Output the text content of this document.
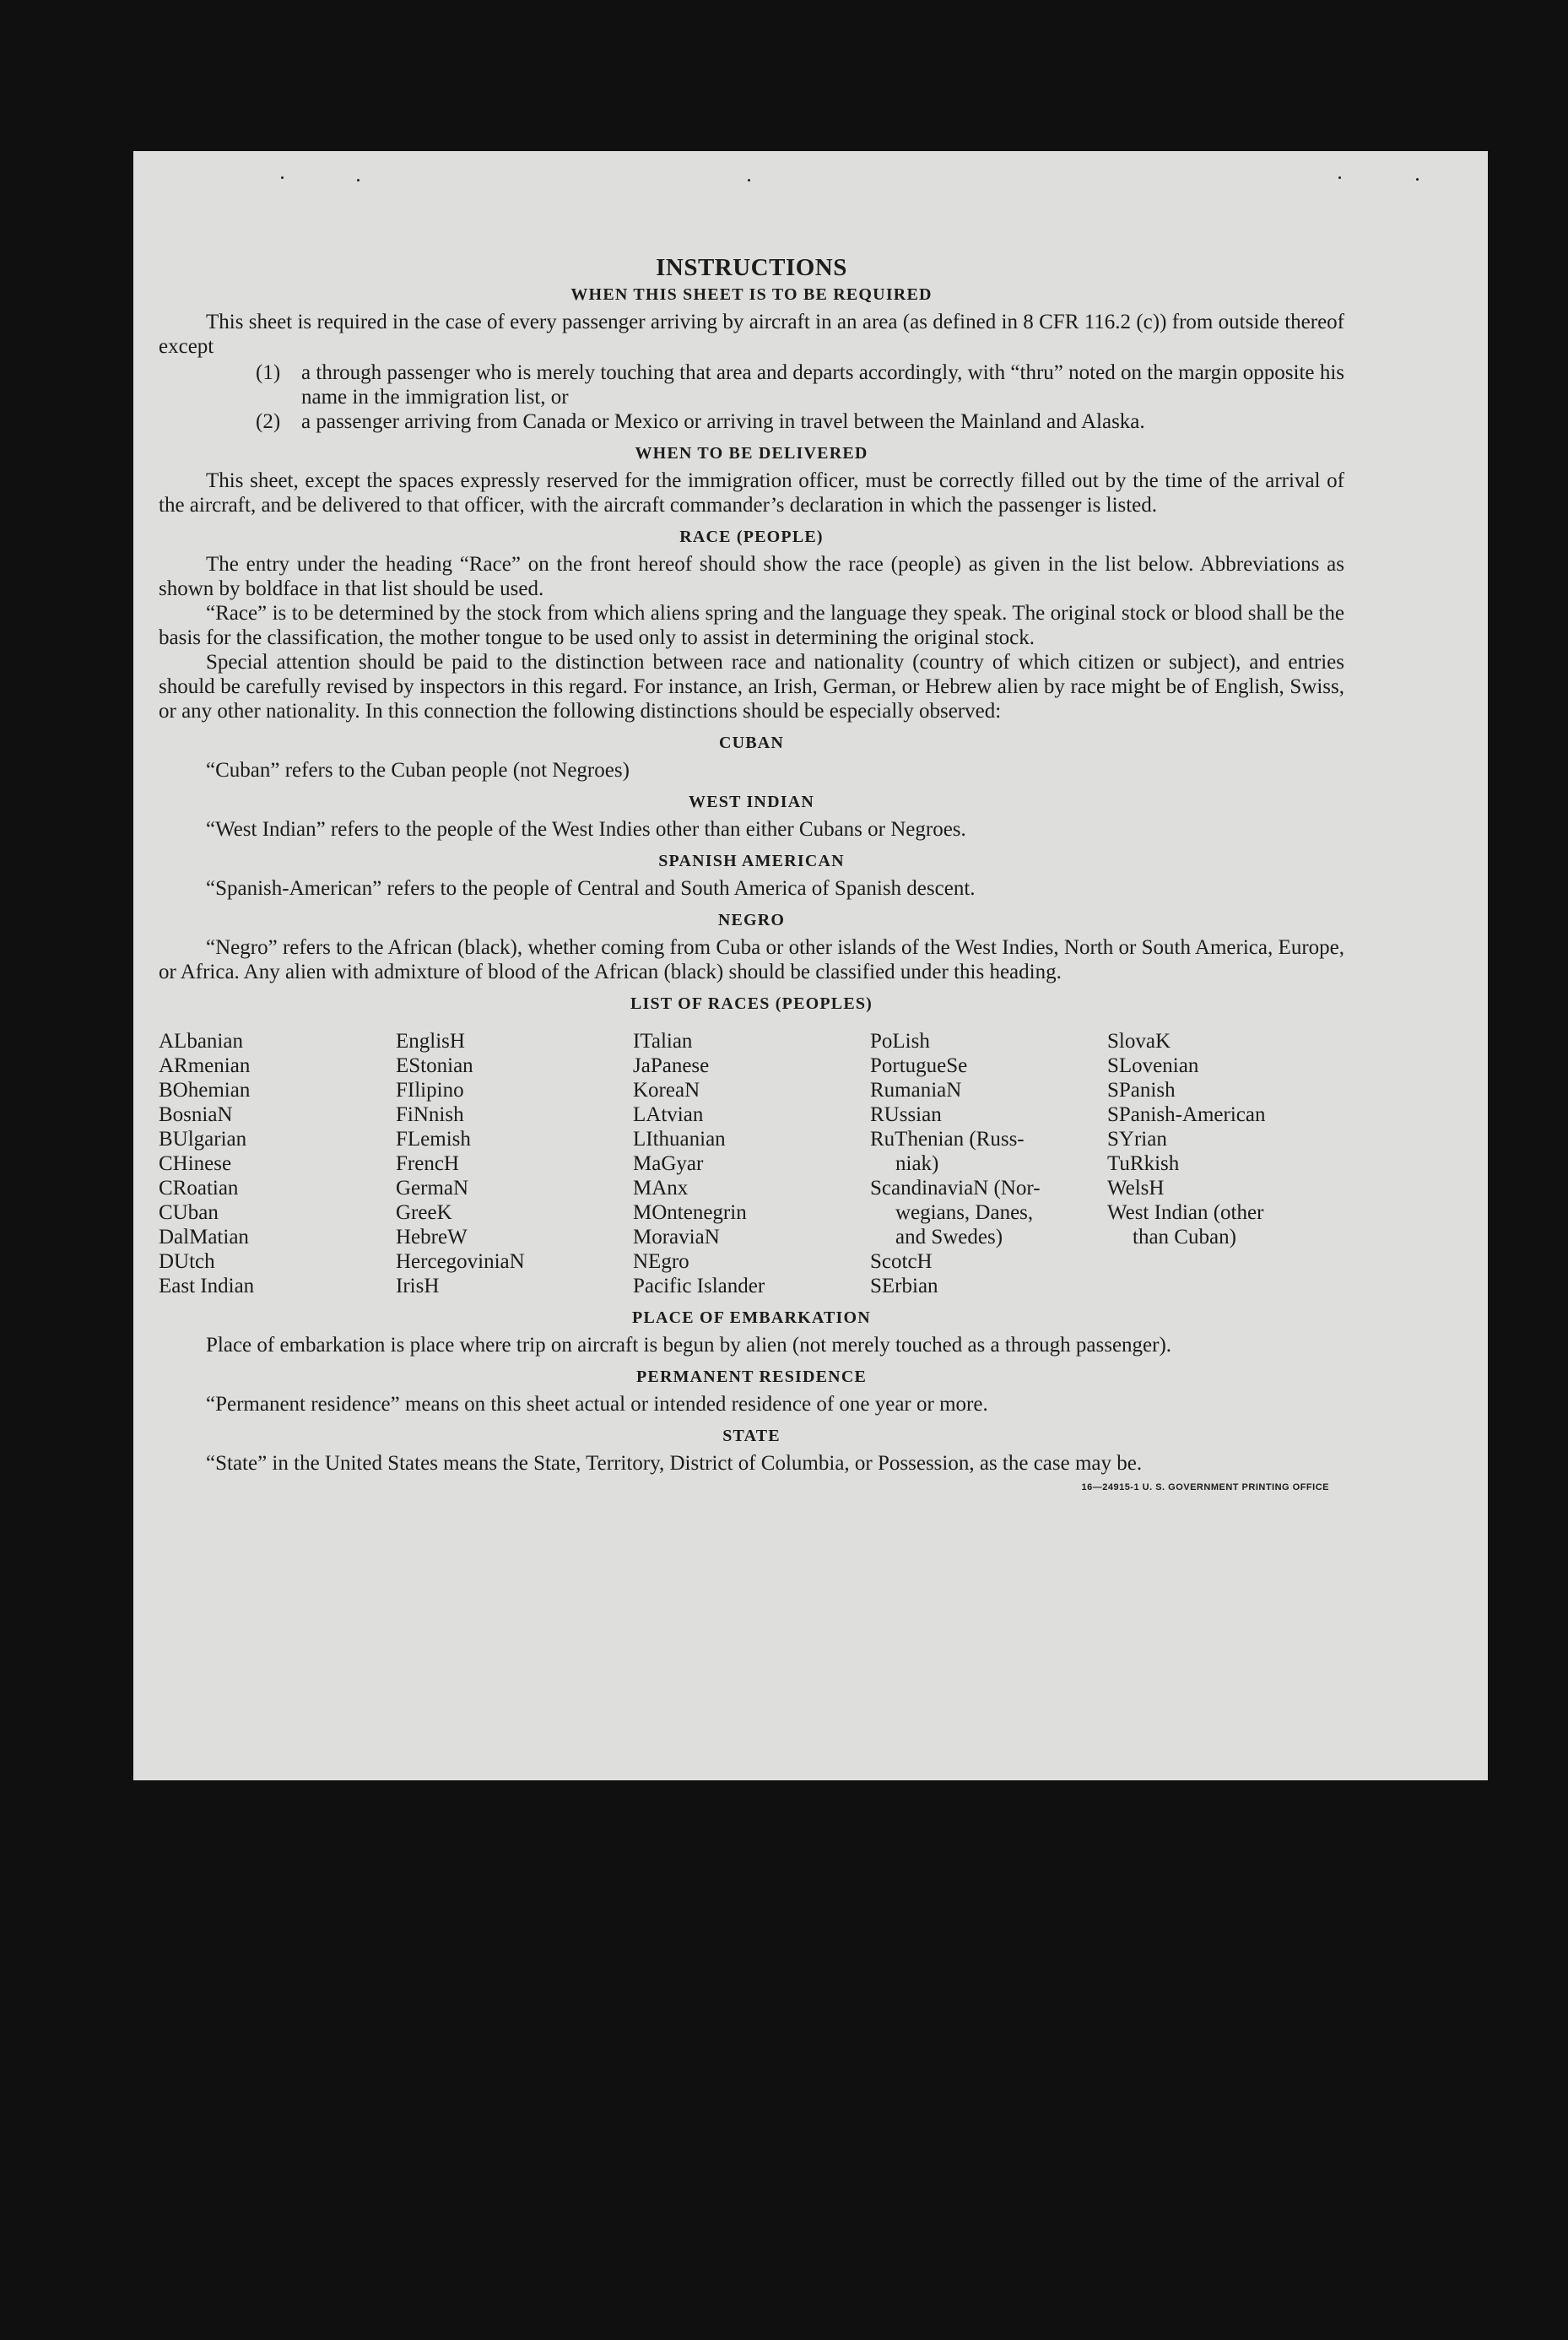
INSTRUCTIONS
WHEN THIS SHEET IS TO BE REQUIRED

This sheet is required in the case of every passenger arriving by aircraft in an area (as defined in 8 CFR 116.2 (c)) from outside thereof except

(1) a through passenger who is merely touching that area and departs accordingly, with “thru” noted on the margin opposite his name in the immigration list, or
(2) a passenger arriving from Canada or Mexico or arriving in travel between the Mainland and Alaska.
WHEN TO BE DELIVERED

This sheet, except the spaces expressly reserved for the immigration officer, must be correctly filled out by the time of the arrival of the aircraft, and be delivered to that officer, with the aircraft commander’s declaration in which the passenger is listed.

RACE (PEOPLE)

The entry under the heading “Race” on the front hereof should show the race (people) as given in the list below. Abbreviations as shown by boldface in that list should be used.

“Race” is to be determined by the stock from which aliens spring and the language they speak. The original stock or blood shall be the basis for the classification, the mother tongue to be used only to assist in determining the original stock.

Special attention should be paid to the distinction between race and nationality (country of which citizen or subject), and entries should be carefully revised by inspectors in this regard. For instance, an Irish, German, or Hebrew alien by race might be of English, Swiss, or any other nationality. In this connection the following distinctions should be especially observed:

CUBAN

“Cuban” refers to the Cuban people (not Negroes)

WEST INDIAN

“West Indian” refers to the people of the West Indies other than either Cubans or Negroes.

SPANISH AMERICAN

“Spanish-American” refers to the people of Central and South America of Spanish descent.

NEGRO

“Negro” refers to the African (black), whether coming from Cuba or other islands of the West Indies, North or South America, Europe, or Africa. Any alien with admixture of blood of the African (black) should be classified under this heading.

LIST OF RACES (PEOPLES)
ALbanian
ARmenian
BOhemian
BosniaN
BUlgarian
CHinese
CRoatian
CUban
DalMatian
DUtch
East Indian
EnglisH
EStonian
FIlipino
FiNnish
FLemish
FrencH
GermaN
GreeK
HebreW
HercegoviniaN
IrisH
ITalian
JaPanese
KoreaN
LAtvian
LIthuanian
MaGyar
MAnx
MOntenegrin
MoraviaN
NEgro
Pacific Islander
PoLish
PortugueSe
RumaniaN
RUssian
RuThenian (Russ-
niak)
ScandinaviaN (Nor-
wegians, Danes,
and Swedes)
ScotcH
SErbian
SlovaK
SLovenian
SPanish
SPanish-American
SYrian
TuRkish
WelsH
West Indian (other
than Cuban)
PLACE OF EMBARKATION

Place of embarkation is place where trip on aircraft is begun by alien (not merely touched as a through passenger).

PERMANENT RESIDENCE

“Permanent residence” means on this sheet actual or intended residence of one year or more.

STATE

“State” in the United States means the State, Territory, District of Columbia, or Possession, as the case may be.

16—24915-1 U. S. GOVERNMENT PRINTING OFFICE
